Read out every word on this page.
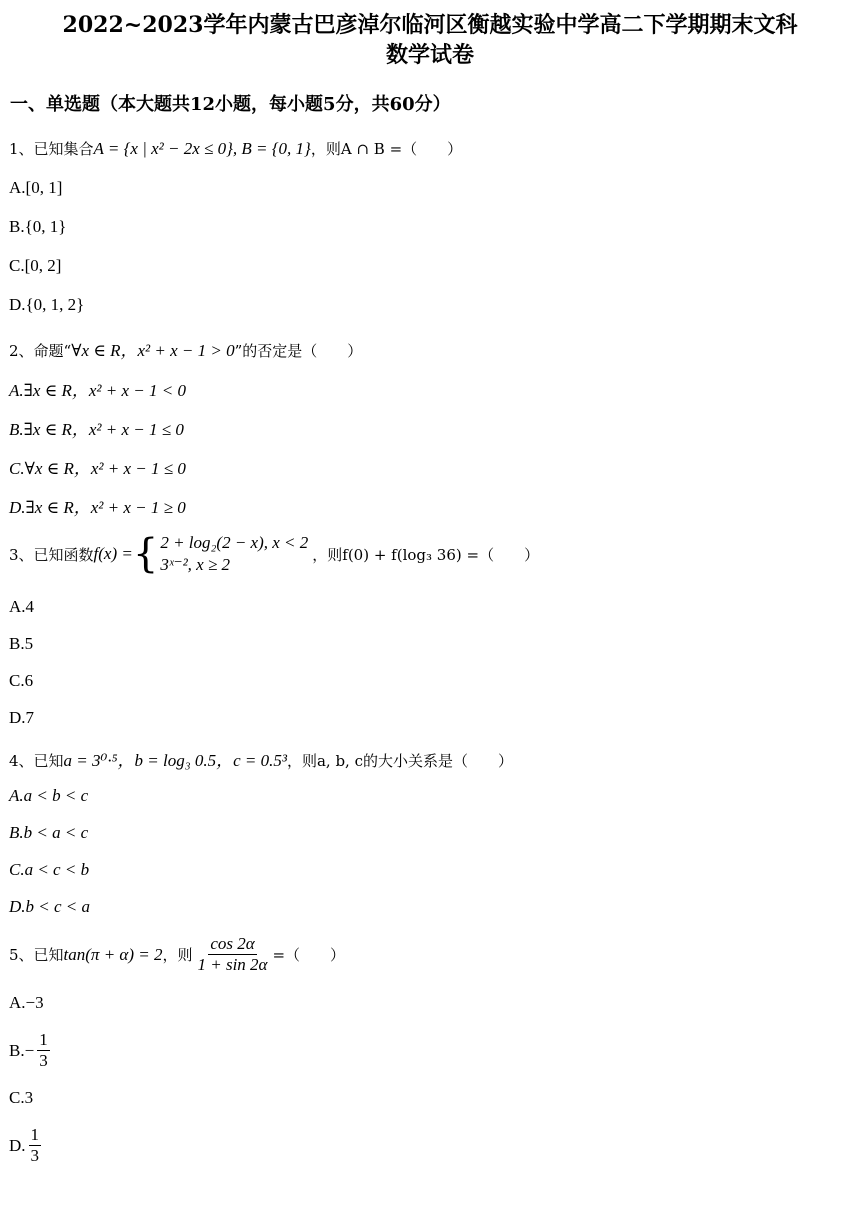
2022~2023学年内蒙古巴彦淖尔临河区衡越实验中学高二下学期期末文科
数学试卷
一、单选题（本大题共12小题，每小题5分，共60分）
1、已知集合A = {x | x² − 2x ≤ 0}, B = {0, 1}，则A ∩ B =（　　）
A.[0, 1]
B.{0, 1}
C.[0, 2]
D.{0, 1, 2}
2、命题“∀x ∈ R，x² + x − 1 > 0”的否定是（　　）
A.∃x ∈ R，x² + x − 1 < 0
B.∃x ∈ R，x² + x − 1 ≤ 0
C.∀x ∈ R，x² + x − 1 ≤ 0
D.∃x ∈ R，x² + x − 1 ≥ 0
3、已知函数 f(x) = { 2 + log₂(2 − x), x < 2
3ˣ⁻², x ≥ 2
，则f(0) + f(log₃ 36) =（　　）
A.4
B.5
C.6
D.7
4、已知a = 3⁰·⁵，b = log₃ 0.5，c = 0.5³，则a, b, c的大小关系是（　　）
A.a < b < c
B.b < a < c
C.a < c < b
D.b < c < a
5、已知 tan(π + α) = 2 ，则 $\frac{\cos 2\alpha}{1 + \sin 2\alpha}$ =（　　）
A.−3
$B.- \frac{1}{3}$
C.3
D. $\frac{1}{3}$
